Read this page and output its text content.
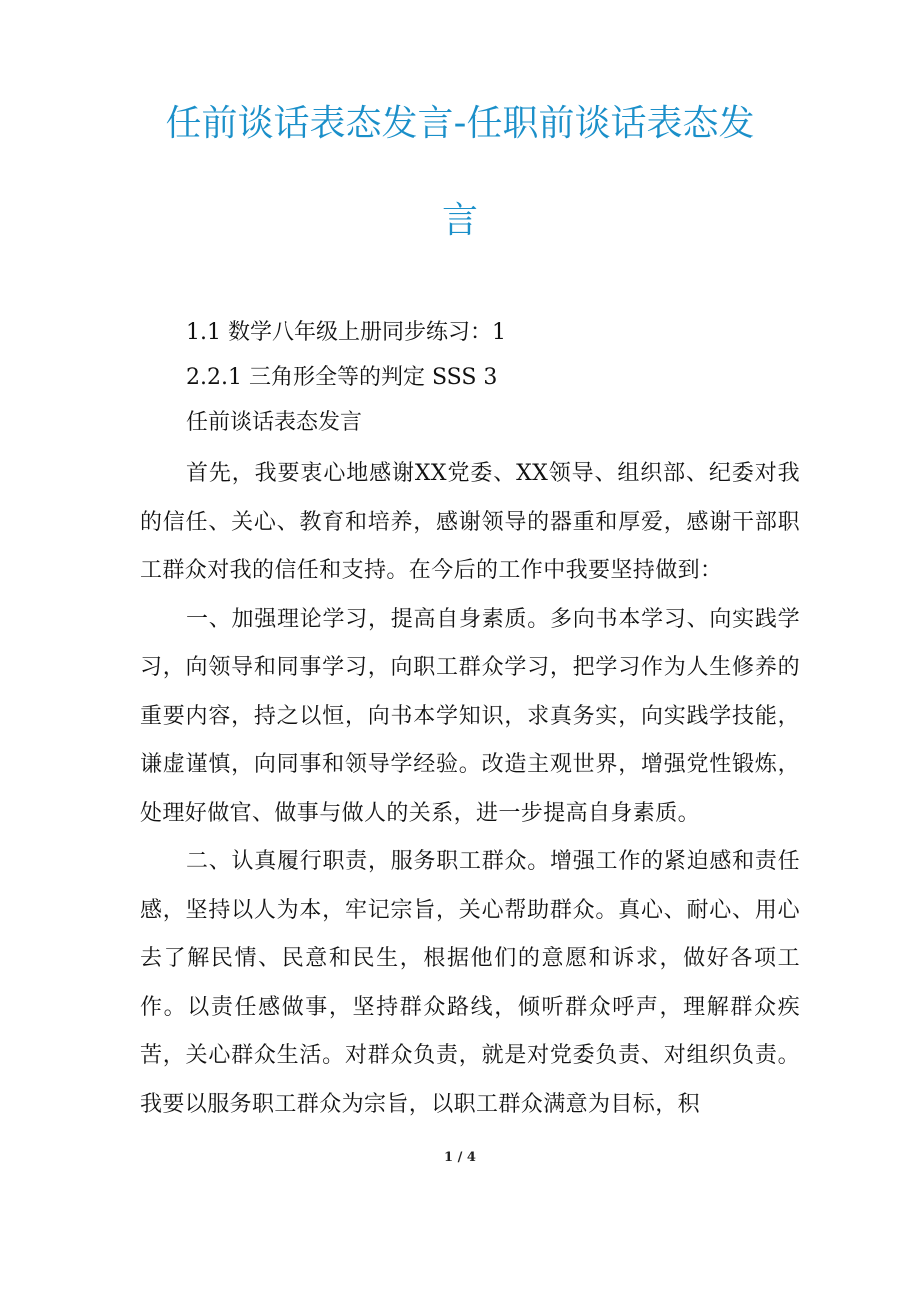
任前谈话表态发言-任职前谈话表态发
言

1.1 数学八年级上册同步练习：1

2.2.1 三角形全等的判定 SSS 3

任前谈话表态发言

首先，我要衷心地感谢XX党委、XX领导、组织部、纪委对我的信任、关心、教育和培养，感谢领导的器重和厚爱，感谢干部职工群众对我的信任和支持。在今后的工作中我要坚持做到：

一、加强理论学习，提高自身素质。多向书本学习、向实践学习，向领导和同事学习，向职工群众学习，把学习作为人生修养的重要内容，持之以恒，向书本学知识，求真务实，向实践学技能，谦虚谨慎，向同事和领导学经验。改造主观世界，增强党性锻炼，处理好做官、做事与做人的关系，进一步提高自身素质。

二、认真履行职责，服务职工群众。增强工作的紧迫感和责任感，坚持以人为本，牢记宗旨，关心帮助群众。真心、耐心、用心去了解民情、民意和民生，根据他们的意愿和诉求，做好各项工作。以责任感做事，坚持群众路线，倾听群众呼声，理解群众疾苦，关心群众生活。对群众负责，就是对党委负责、对组织负责。我要以服务职工群众为宗旨，以职工群众满意为目标，积

1 / 4
